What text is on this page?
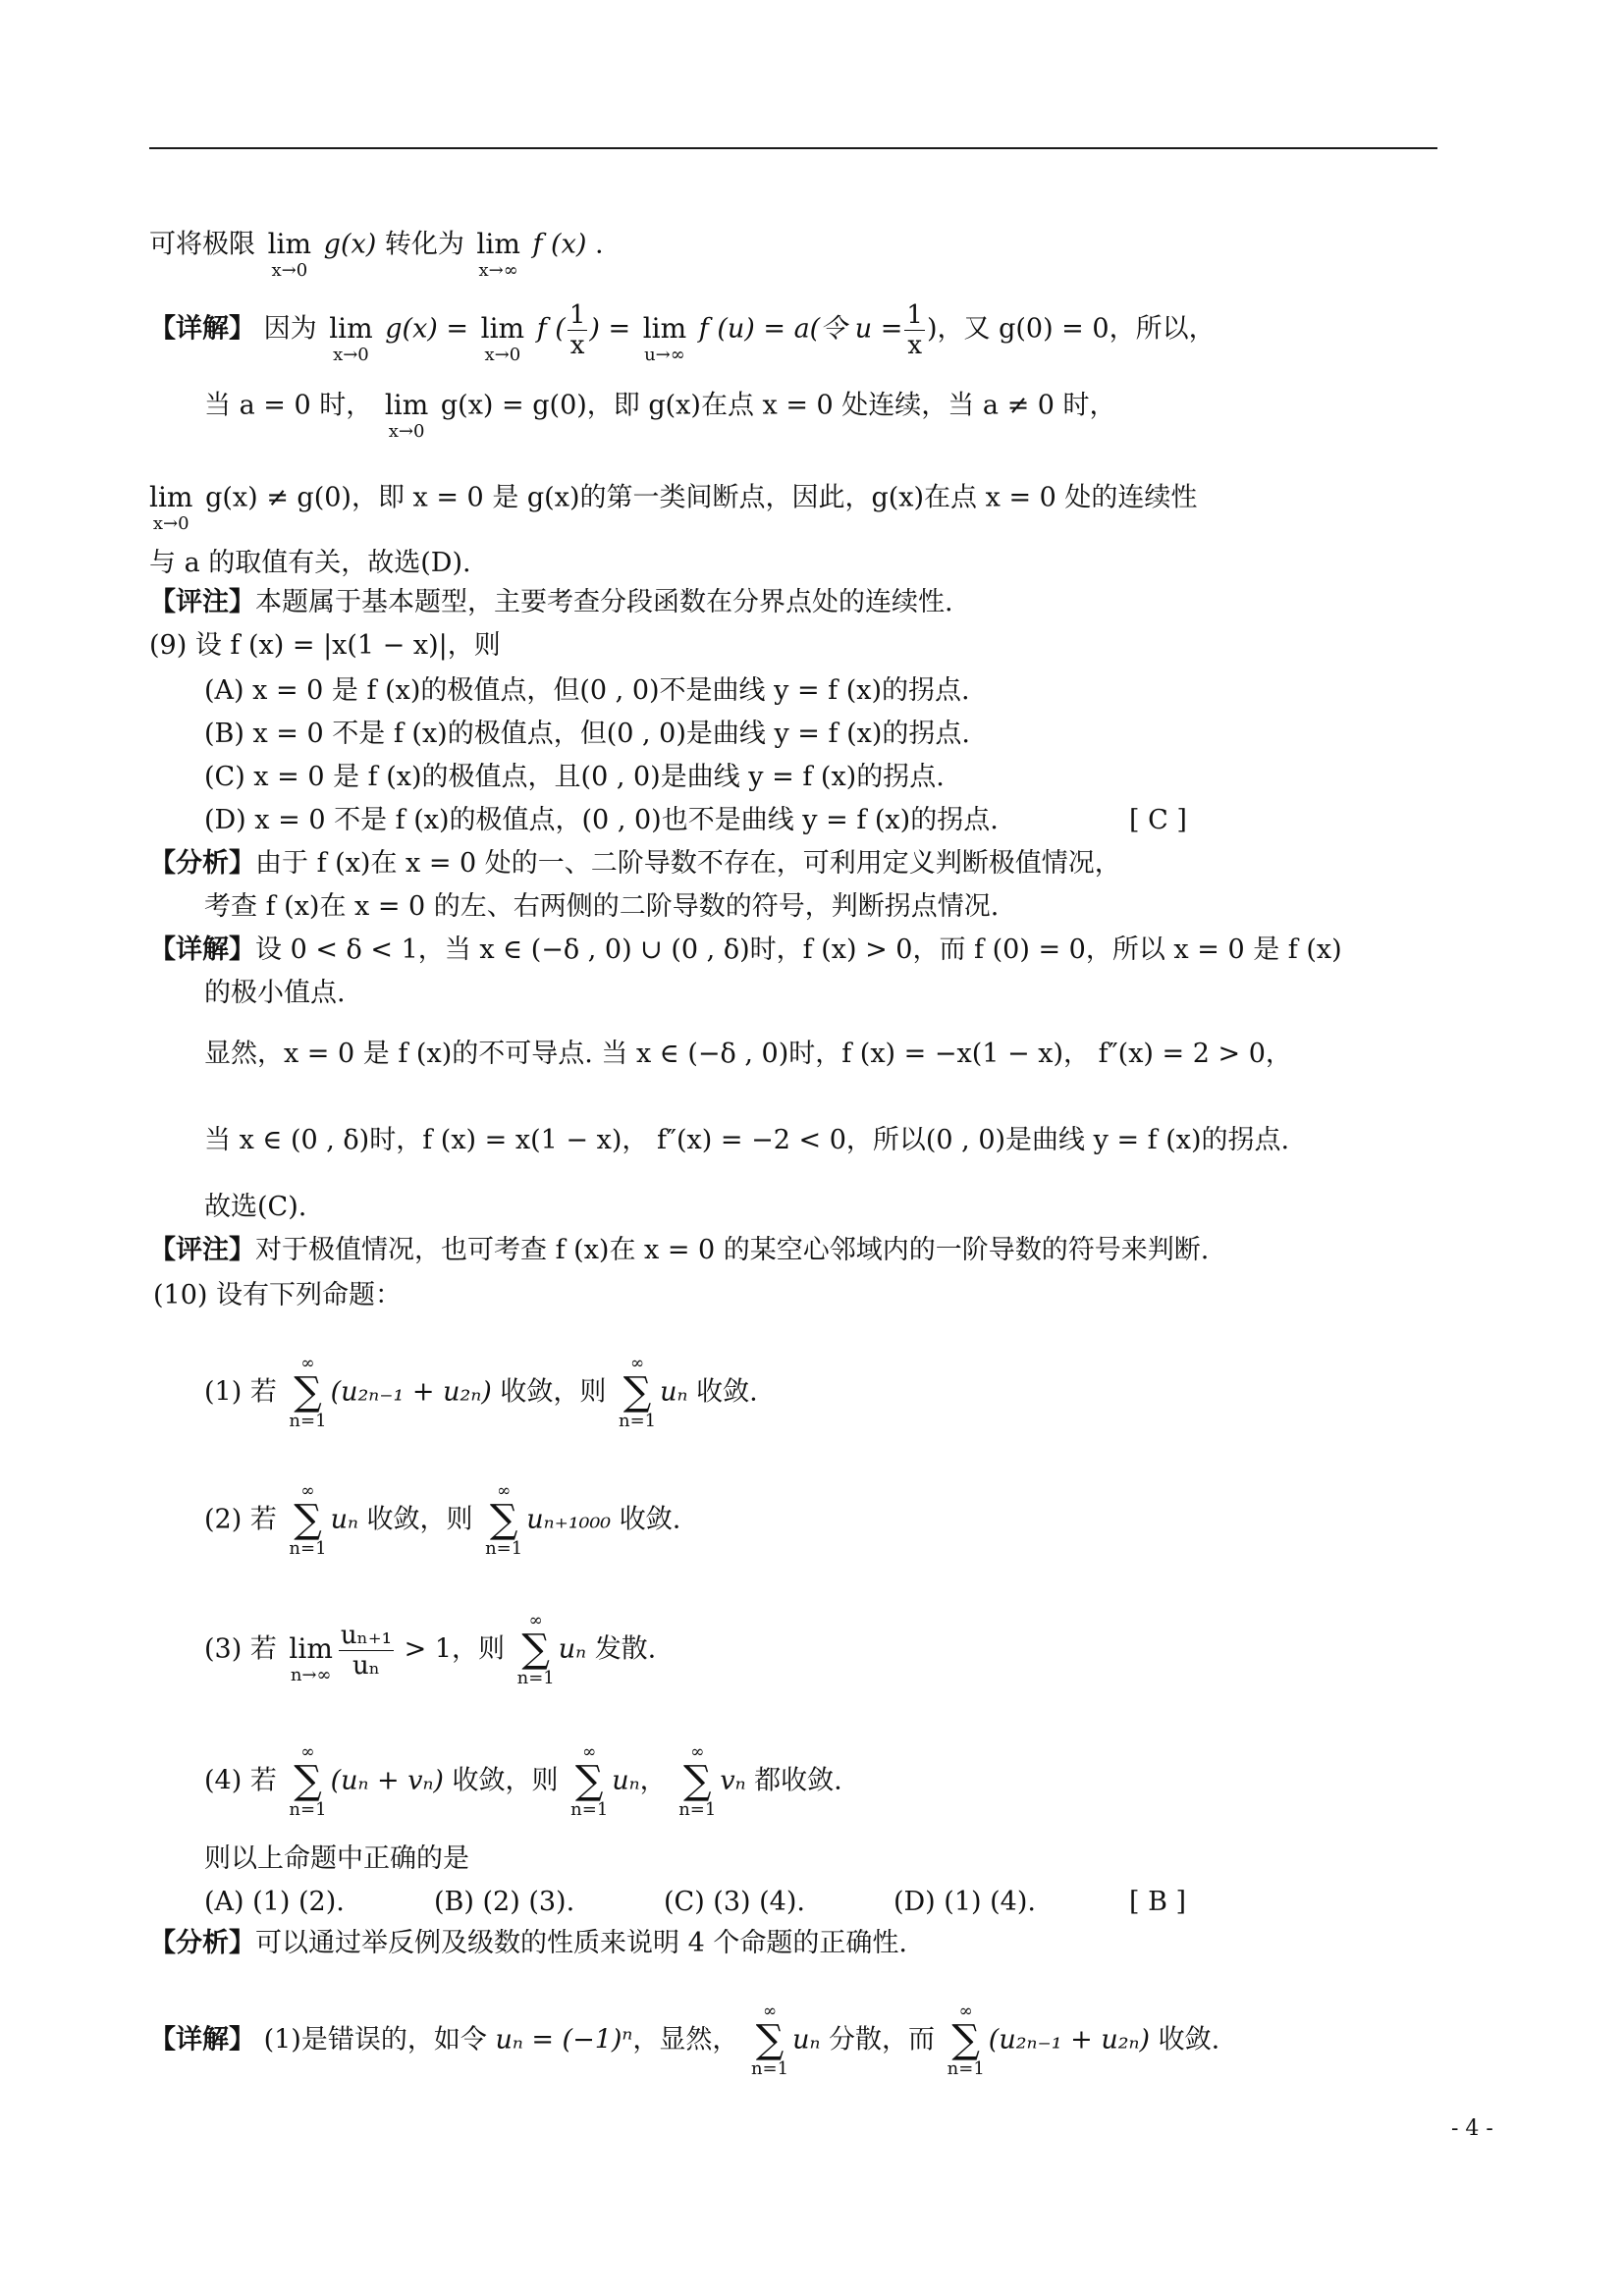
可将极限 lim
x→0
g(x) 转化为 lim
x→∞
f (x) .
【详解】 因为 lim
x→0
g(x) = lim
x→0
f ( $\frac{1}{x}$ ) = lim
u→∞
f (u) = a(令 $u = \frac{1}{x}$ )，又 g(0) = 0，所以，
当 a = 0 时， lim
x→0
g(x) = g(0)，即 g(x)在点 x = 0 处连续，当 a ≠ 0 时，
lim
x→0
g(x) ≠ g(0)，即 x = 0 是 g(x)的第一类间断点，因此，g(x)在点 x = 0 处的连续性
与 a 的取值有关，故选(D).
【评注】本题属于基本题型，主要考查分段函数在分界点处的连续性.
(9) 设 f (x) = |x(1 − x)|，则
(A) x = 0 是 f (x)的极值点，但(0 , 0)不是曲线 y = f (x)的拐点.
(B) x = 0 不是 f (x)的极值点，但(0 , 0)是曲线 y = f (x)的拐点.
(C) x = 0 是 f (x)的极值点，且(0 , 0)是曲线 y = f (x)的拐点.
(D) x = 0 不是 f (x)的极值点，(0 , 0)也不是曲线 y = f (x)的拐点.	[ C ]
【分析】由于 f (x)在 x = 0 处的一、二阶导数不存在，可利用定义判断极值情况，
考查 f (x)在 x = 0 的左、右两侧的二阶导数的符号，判断拐点情况.
【详解】设 0 < δ < 1，当 x ∈ (−δ , 0) ∪ (0 , δ)时，f (x) > 0，而 f (0) = 0，所以 x = 0 是 f (x)
的极小值点.
显然，x = 0 是 f (x)的不可导点. 当 x ∈ (−δ , 0)时，f (x) = −x(1 − x)， f″(x) = 2 > 0，
当 x ∈ (0 , δ)时，f (x) = x(1 − x)， f″(x) = −2 < 0，所以(0 , 0)是曲线 y = f (x)的拐点.
故选(C).
【评注】对于极值情况，也可考查 f (x)在 x = 0 的某空心邻域内的一阶导数的符号来判断.
(10) 设有下列命题：
(1) 若
∞
∑
n=1
(u₂ₙ₋₁ + u₂ₙ) 收敛，则
∞
∑
n=1
uₙ 收敛.
(2) 若
∞
∑
n=1
uₙ 收敛，则
∞
∑
n=1
uₙ₊₁₀₀₀ 收敛.
(3) 若 lim
$n\to\infty \frac{\text{uₙ₊₁}}{\text{uₙ}} > 1$，则
∞
∑
n=1
uₙ 发散.
(4) 若
∞
∑
n=1
(uₙ + vₙ) 收敛，则
∞
∑
n=1
uₙ，
∞
∑
n=1
vₙ 都收敛.
则以上命题中正确的是
(A) (1) (2).	(B) (2) (3).	(C) (3) (4).	(D) (1) (4).	[ B ]
【分析】可以通过举反例及级数的性质来说明 4 个命题的正确性.
【详解】 (1)是错误的，如令 uₙ = (−1)ⁿ，显然，
∞
∑
n=1
uₙ 分散，而
∞
∑
n=1
(u₂ₙ₋₁ + u₂ₙ) 收敛.
- 4 -
